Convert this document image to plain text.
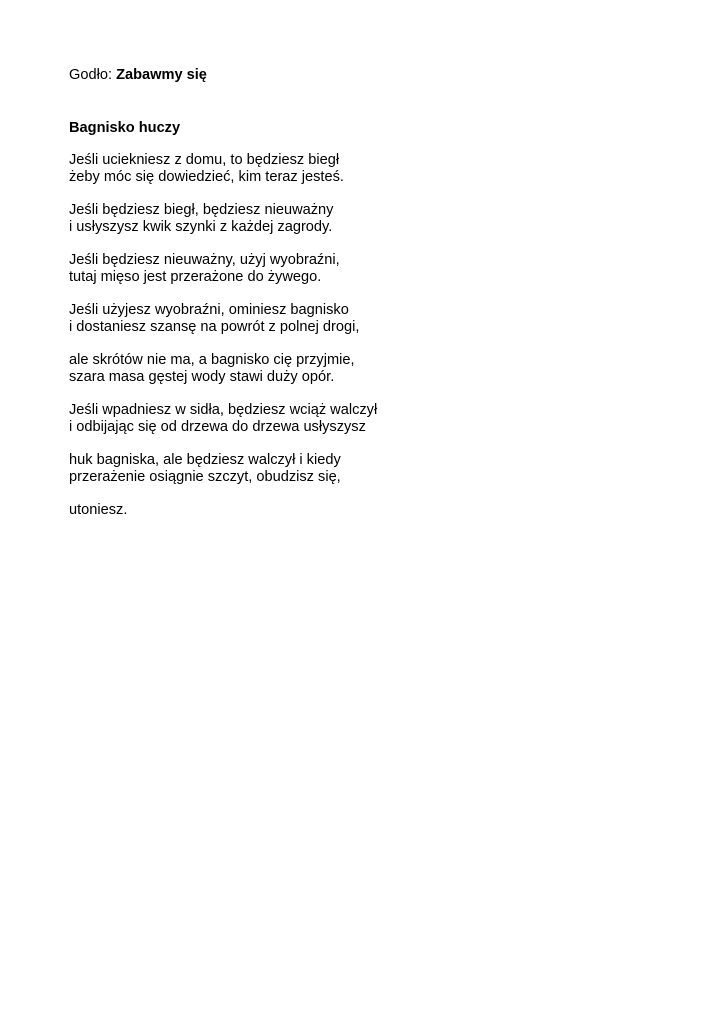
Godło: Zabawmy się

Bagnisko huczy

Jeśli uciekniesz z domu, to będziesz biegł
żeby móc się dowiedzieć, kim teraz jesteś.

Jeśli będziesz biegł, będziesz nieuważny
i usłyszysz kwik szynki z każdej zagrody.

Jeśli będziesz nieuważny, użyj wyobraźni,
tutaj mięso jest przerażone do żywego.

Jeśli użyjesz wyobraźni, ominiesz bagnisko
i dostaniesz szansę na powrót z polnej drogi,

ale skrótów nie ma, a bagnisko cię przyjmie,
szara masa gęstej wody stawi duży opór.

Jeśli wpadniesz w sidła, będziesz wciąż walczył
i odbijając się od drzewa do drzewa usłyszysz

huk bagniska, ale będziesz walczył i kiedy
przerażenie osiągnie szczyt, obudzisz się,

utoniesz.
